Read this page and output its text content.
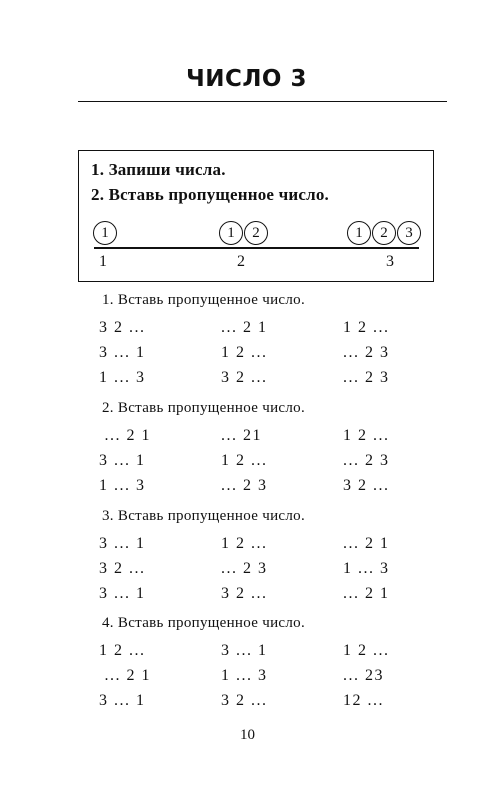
ЧИСЛО 3
1. Запиши числа.
2. Вставь пропущенное число.
1	1	2	1	2	3
1	2	3
1. Вставь пропущенное число.
3 2 ...	... 2 1	1 2 ...
3 ... 1	1 2 ...	... 2 3
1 ... 3	3 2 ...	... 2 3
2. Вставь пропущенное число.
... 2 1	... 21	1 2 ...
3 ... 1	1 2 ...	... 2 3
1 ... 3	... 2 3	3 2 ...
3. Вставь пропущенное число.
3 ... 1	1 2 ...	... 2 1
3 2 ...	... 2 3	1 ... 3
3 ... 1	3 2 ...	... 2 1
4. Вставь пропущенное число.
1 2 ...	3 ... 1	1 2 ...
... 2 1	1 ... 3	... 23
3 ... 1	3 2 ...	12 ...
10
